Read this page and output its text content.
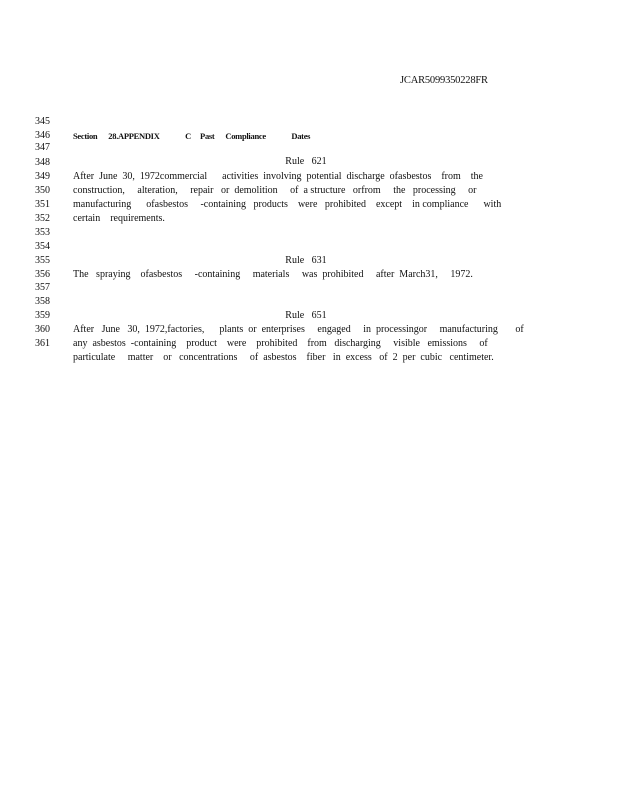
JCAR5099350228FR

345

Section      28.APPENDIX              C     Past      Compliance              Dates

346

347

Rule   621

348

After  June  30,  1972commercial      activities  involving  potential  discharge  ofasbestos    from    the

349

construction,     alteration,     repair   or  demolition     of  a structure   orfrom     the   processing     or

350

manufacturing      ofasbestos     -containing   products    were   prohibited    except    in compliance      with

351

certain    requirements.

352

353

354

Rule   631

355

The   spraying    ofasbestos     -containing     materials     was  prohibited     after  March31,     1972.

356

357

358

Rule   651

359

After   June   30,  1972,factories,      plants  or  enterprises     engaged     in  processingor     manufacturing       of

360

any  asbestos  -containing    product    were    prohibited    from   discharging     visible   emissions     of

361

particulate     matter    or   concentrations     of  asbestos    fiber   in  excess   of  2  per  cubic   centimeter.
